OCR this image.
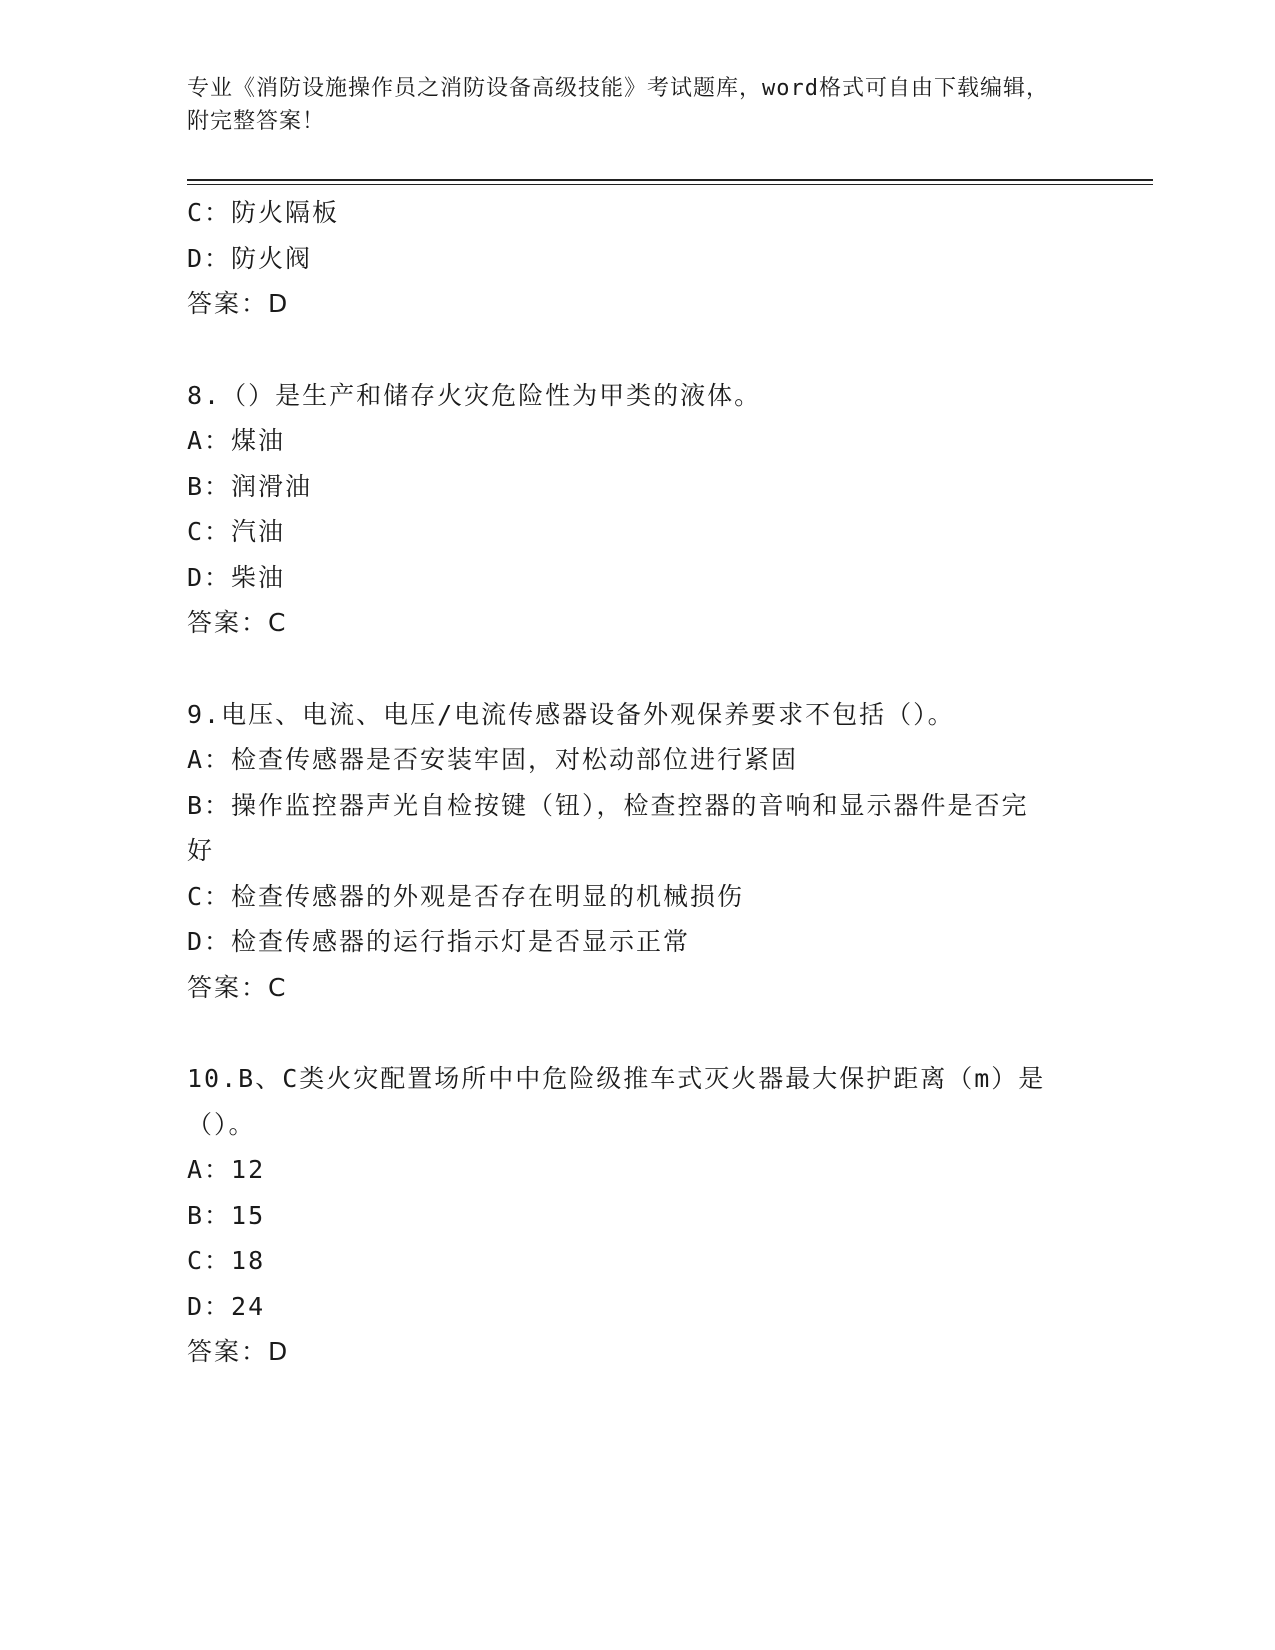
专业《消防设施操作员之消防设备高级技能》考试题库，word格式可自由下载编辑，附完整答案！
C：防火隔板
D：防火阀
答案：D
8.（）是生产和储存火灾危险性为甲类的液体。
A：煤油
B：润滑油
C：汽油
D：柴油
答案：C
9.电压、电流、电压/电流传感器设备外观保养要求不包括（）。
A：检查传感器是否安装牢固，对松动部位进行紧固
B：操作监控器声光自检按键（钮），检查控器的音响和显示器件是否完好
C：检查传感器的外观是否存在明显的机械损伤
D：检查传感器的运行指示灯是否显示正常
答案：C
10.B、C类火灾配置场所中中危险级推车式灭火器最大保护距离（m）是（）。
A：12
B：15
C：18
D：24
答案：D
